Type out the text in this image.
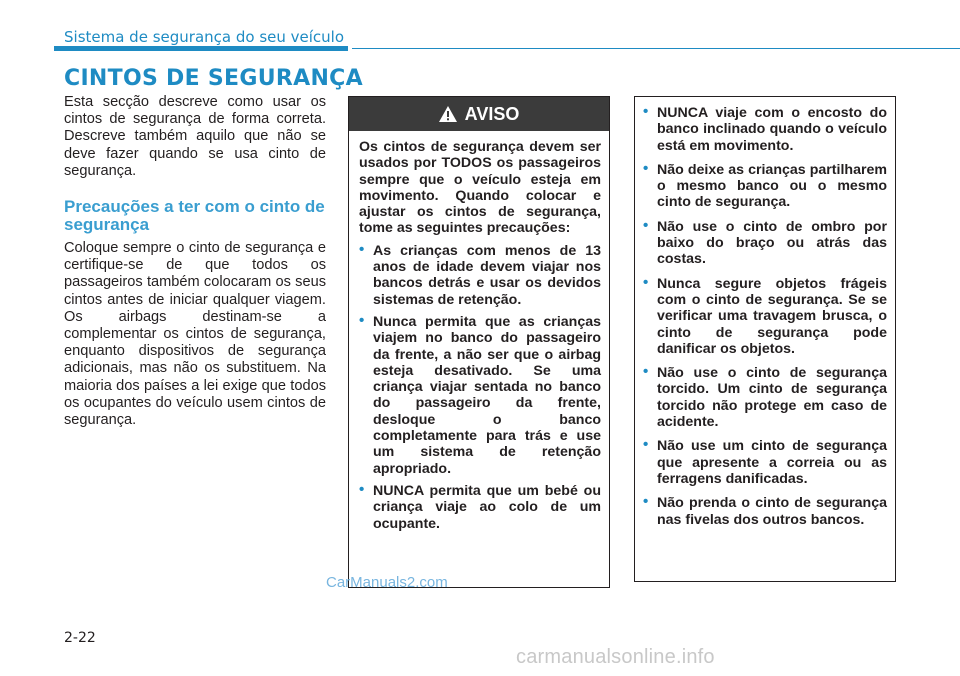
Sistema de segurança do seu veículo
CINTOS DE SEGURANÇA

Esta secção descreve como usar os cintos de segurança de forma correta. Descreve também aquilo que não se deve fazer quando se usa cinto de segurança.

Precauções a ter com o cinto de segurança

Coloque sempre o cinto de segurança e certifique-se de que todos os passageiros também colocaram os seus cintos antes de iniciar qualquer viagem. Os airbags destinam-se a complementar os cintos de segurança, enquanto dispositivos de segurança adicionais, mas não os substituem. Na maioria dos países a lei exige que todos os ocupantes do veículo usem cintos de segurança.

AVISO

Os cintos de segurança devem ser usados por TODOS os passageiros sempre que o veículo esteja em movimento. Quando colocar e ajustar os cintos de segurança, tome as seguintes precauções:

• As crianças com menos de 13 anos de idade devem viajar nos bancos detrás e usar os devidos sistemas de retenção.
• Nunca permita que as crianças viajem no banco do passageiro da frente, a não ser que o airbag esteja desativado. Se uma criança viajar sentada no banco do passageiro da frente, desloque o banco completamente para trás e use um sistema de retenção apropriado.
• NUNCA permita que um bebé ou criança viaje ao colo de um ocupante.
• NUNCA viaje com o encosto do banco inclinado quando o veículo está em movimento.
• Não deixe as crianças partilharem o mesmo banco ou o mesmo cinto de segurança.
• Não use o cinto de ombro por baixo do braço ou atrás das costas.
• Nunca segure objetos frágeis com o cinto de segurança. Se se verificar uma travagem brusca, o cinto de segurança pode danificar os objetos.
• Não use o cinto de segurança torcido. Um cinto de segurança torcido não protege em caso de acidente.
• Não use um cinto de segurança que apresente a correia ou as ferragens danificadas.
• Não prenda o cinto de segurança nas fivelas dos outros bancos.
CarManuals2.com
2-22
carmanualsonline.info
